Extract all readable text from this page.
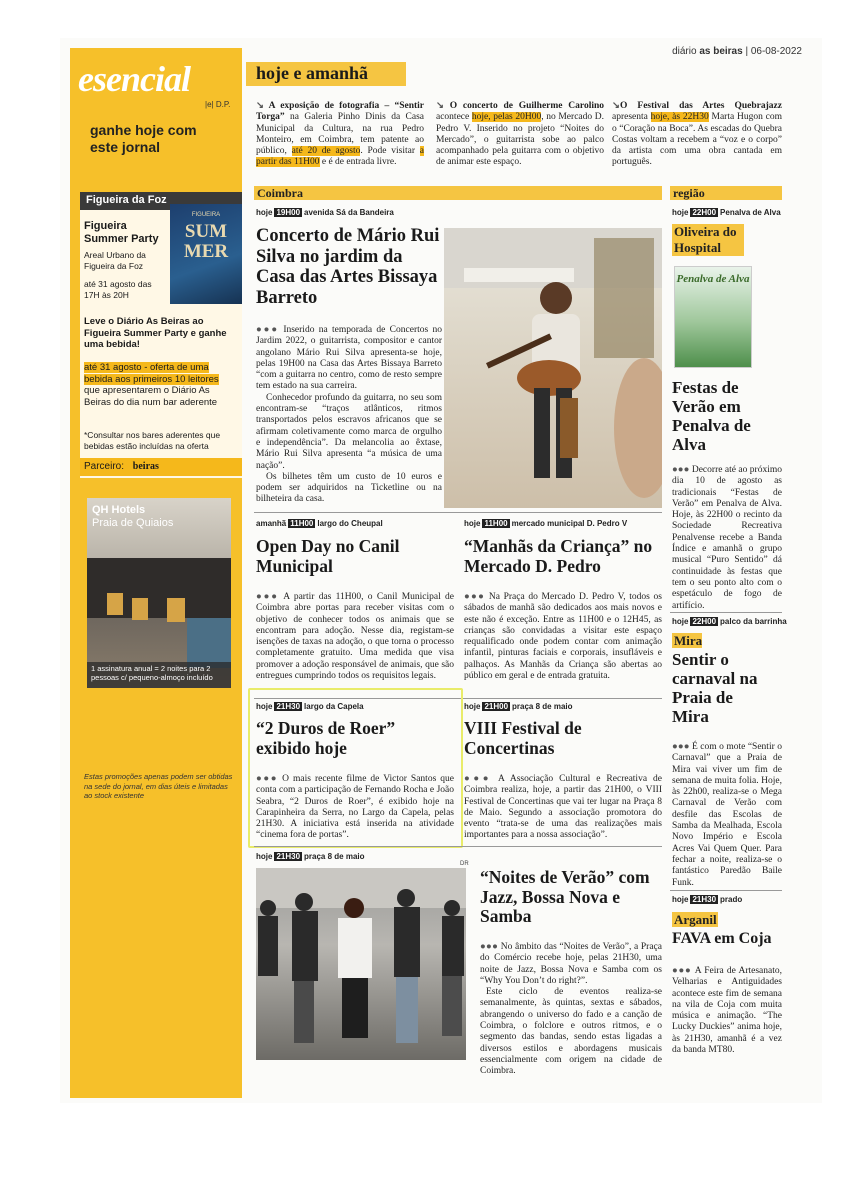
diário as beiras | 06-08-2022
esencial
|e| D.P.
ganhe hoje com este jornal
Figueira da Foz
Figueira Summer Party
Areal Urbano da Figueira da Foz
até 31 agosto das 17H às 20H
FIGUEIRA
SUM MER
Leve o Diário As Beiras ao Figueira Summer Party e ganhe uma bebida!
até 31 agosto - oferta de uma bebida aos primeiros 10 leitores que apresentarem o Diário As Beiras do dia num bar aderente
*Consultar nos bares aderentes que bebidas estão incluídas na oferta
Parceiro: beiras
QH Hotels
Praia de Quiaios
1 assinatura anual = 2 noites para 2 pessoas c/ pequeno-almoço incluído
Estas promoções apenas podem ser obtidas na sede do jornal, em dias úteis e limitadas ao stock existente
hoje e amanhã
↘ A exposição de fotografia – “Sentir Torga” na Galeria Pinho Dinis da Casa Municipal da Cultura, na rua Pedro Monteiro, em Coimbra, tem patente ao público, até 20 de agosto. Pode visitar a partir das 11H00 e é de entrada livre.
↘ O concerto de Guilherme Carolino acontece hoje, pelas 20H00, no Mercado D. Pedro V. Inserido no projeto “Noites do Mercado”, o guitarrista sobe ao palco acompanhado pela guitarra com o objetivo de animar este espaço.
↘O Festival das Artes Quebrajazz apresenta hoje, às 22H30 Marta Hugon com o “Coração na Boca”. As escadas do Quebra Costas voltam a recebem a “voz e o corpo” da artista com uma obra cantada em português.
Coimbra	região
hoje 19H00 avenida Sá da Bandeira
Concerto de Mário Rui Silva no jardim da Casa das Artes Bissaya Barreto

●●● Inserido na temporada de Concertos no Jardim 2022, o guitarrista, compositor e cantor angolano Mário Rui Silva apresenta-se hoje, pelas 19H00 na Casa das Artes Bissaya Barreto “com a guitarra no centro, como de resto sempre tem estado na sua carreira.

Conhecedor profundo da guitarra, no seu som encontram-se “traços atlânticos, ritmos transportados pelos escravos africanos que se afirmam coletivamente como marca de orgulho e independência”. Da melancolia ao êxtase, Mário Rui Silva apresenta “a música de uma nação”.

Os bilhetes têm um custo de 10 euros e podem ser adquiridos na Ticketline ou na bilheteira da casa.

amanhã 11H00 largo do Cheupal
Open Day no Canil Municipal
●●● A partir das 11H00, o Canil Municipal de Coimbra abre portas para receber visitas com o objetivo de conhecer todos os animais que se encontram para adoção. Nesse dia, registam-se isenções de taxas na adoção, o que torna o processo completamente gratuito. Uma medida que visa promover a adoção responsável de animais, que são entregues cumprindo todos os requisitos legais.
hoje 11H00 mercado municipal D. Pedro V
“Manhãs da Criança” no Mercado D. Pedro
●●● Na Praça do Mercado D. Pedro V, todos os sábados de manhã são dedicados aos mais novos e este não é exceção. Entre as 11H00 e o 12H45, as crianças são convidadas a visitar este espaço requalificado onde podem contar com animação infantil, pinturas faciais e corporais, insufláveis e palhaços. As Manhãs da Criança são abertas ao público em geral e de entrada gratuita.
hoje 21H30 largo da Capela
“2 Duros de Roer” exibido hoje
●●● O mais recente filme de Victor Santos que conta com a participação de Fernando Rocha e João Seabra, “2 Duros de Roer”, é exibido hoje na Carapinheira da Serra, no Largo da Capela, pelas 21H30. A iniciativa está inserida na atividade “cinema fora de portas”.
hoje 21H00 praça 8 de maio
VIII Festival de Concertinas
●●● A Associação Cultural e Recreativa de Coimbra realiza, hoje, a partir das 21H00, o VIII Festival de Concertinas que vai ter lugar na Praça 8 de Maio. Segundo a associação promotora do evento “trata-se de uma das realizações mais importantes para a nossa associação”.
hoje 21H30 praça 8 de maio
DR
“Noites de Verão” com Jazz, Bossa Nova e Samba

●●● No âmbito das “Noites de Verão”, a Praça do Comércio recebe hoje, pelas 21H30, uma noite de Jazz, Bossa Nova e Samba com os “Why You Don’t do right?”.

Este ciclo de eventos realiza-se semanalmente, às quintas, sextas e sábados, abrangendo o universo do fado e a canção de Coimbra, o folclore e outros ritmos, e o segmento das bandas, sendo estas ligadas a diversos estilos e abordagens musicais essencialmente com origem na cidade de Coimbra.

hoje 22H00 Penalva de Alva
Oliveira do Hospital
Penalva de Alva
Festas de Verão em Penalva de Alva
●●● Decorre até ao próximo dia 10 de agosto as tradicionais “Festas de Verão” em Penalva de Alva. Hoje, às 22H00 o recinto da Sociedade Recreativa Penalvense recebe a Banda Índice e amanhã o grupo musical “Puro Sentido” dá continuidade às festas que tem o seu ponto alto com o espetáculo de fogo de artifício.
hoje 22H00 palco da barrinha
Mira
Sentir o carnaval na Praia de Mira
●●● É com o mote “Sentir o Carnaval” que a Praia de Mira vai viver um fim de semana de muita folia. Hoje, às 22h00, realiza-se o Mega Carnaval de Verão com desfile das Escolas de Samba da Mealhada, Escola Novo Império e Escola Acres Vai Quem Quer. Para fechar a noite, realiza-se o fantástico Paredão Baile Funk.
hoje 21H30 prado
Arganil
FAVA em Coja
●●● A Feira de Artesanato, Velharias e Antiguidades acontece este fim de semana na vila de Coja com muita música e animação. “The Lucky Duckies” anima hoje, às 21H30, amanhã é a vez da banda MT80.
